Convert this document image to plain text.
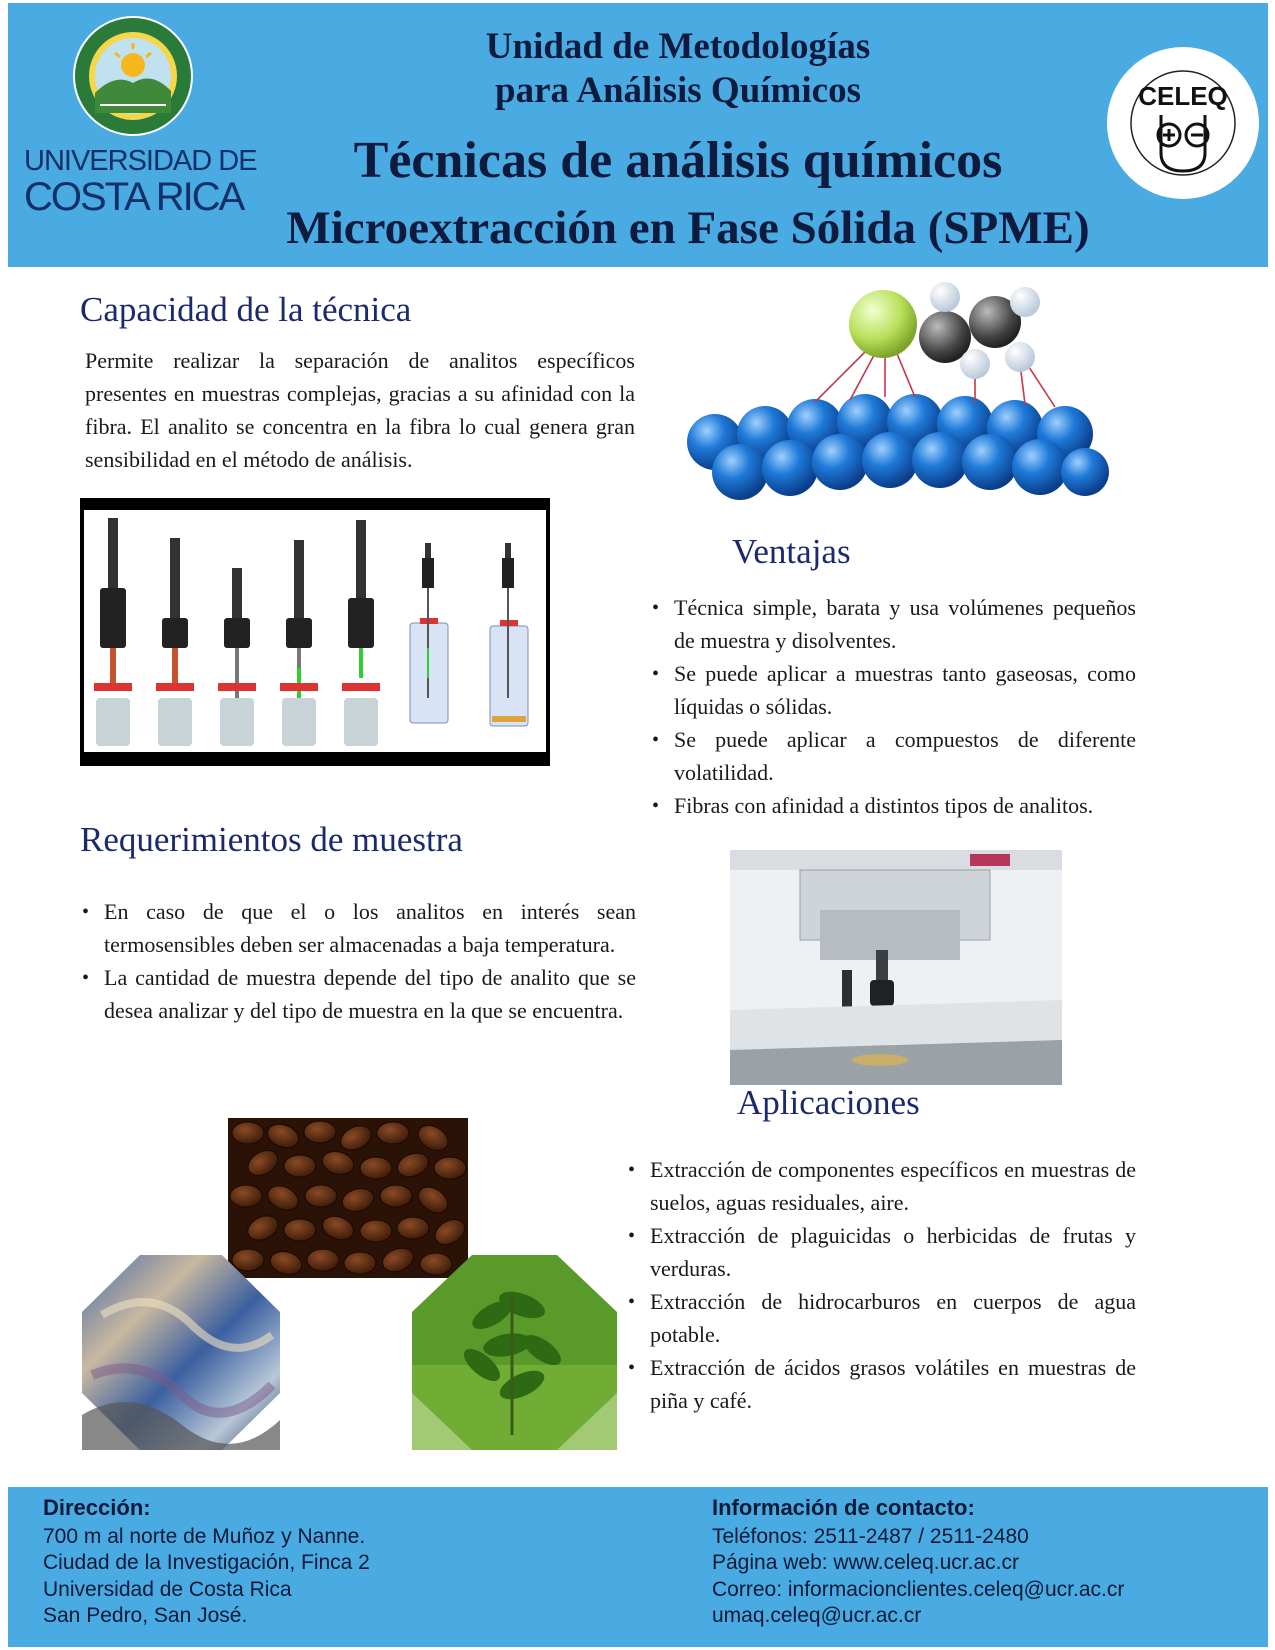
UNIVERSIDAD DE
COSTA RICA
Unidad de Metodologías
para Análisis Químicos
Técnicas de análisis químicos
Microextracción en Fase Sólida (SPME)
CELEQ
Capacidad de la técnica
Permite realizar la separación de analitos específicos presentes en muestras complejas, gracias a su afinidad con la fibra. El analito se concentra en la fibra lo cual genera gran sensibilidad en el método de análisis.
Ventajas
• Técnica simple, barata y usa volúmenes pequeños de muestra y disolventes.
• Se puede aplicar a muestras tanto gaseosas, como líquidas o sólidas.
• Se puede aplicar a compuestos de diferente volatilidad.
• Fibras con afinidad a distintos tipos de analitos.
Requerimientos de muestra
• En caso de que el o los analitos en interés sean termosensibles deben ser almacenadas a baja temperatura.
• La cantidad de muestra depende del tipo de analito que se desea analizar y del tipo de muestra en la que se encuentra.
Aplicaciones
• Extracción de componentes específicos en muestras de suelos, aguas residuales, aire.
• Extracción de plaguicidas o herbicidas de frutas y verduras.
• Extracción de hidrocarburos en cuerpos de agua potable.
• Extracción de ácidos grasos volátiles en muestras de piña y café.
Dirección:
700 m al norte de Muñoz y Nanne.
Ciudad de la Investigación, Finca 2
Universidad de Costa Rica
San Pedro, San José.
Información de contacto:
Teléfonos: 2511-2487 / 2511-2480
Página web: www.celeq.ucr.ac.cr
Correo: informacionclientes.celeq@ucr.ac.cr
umaq.celeq@ucr.ac.cr
